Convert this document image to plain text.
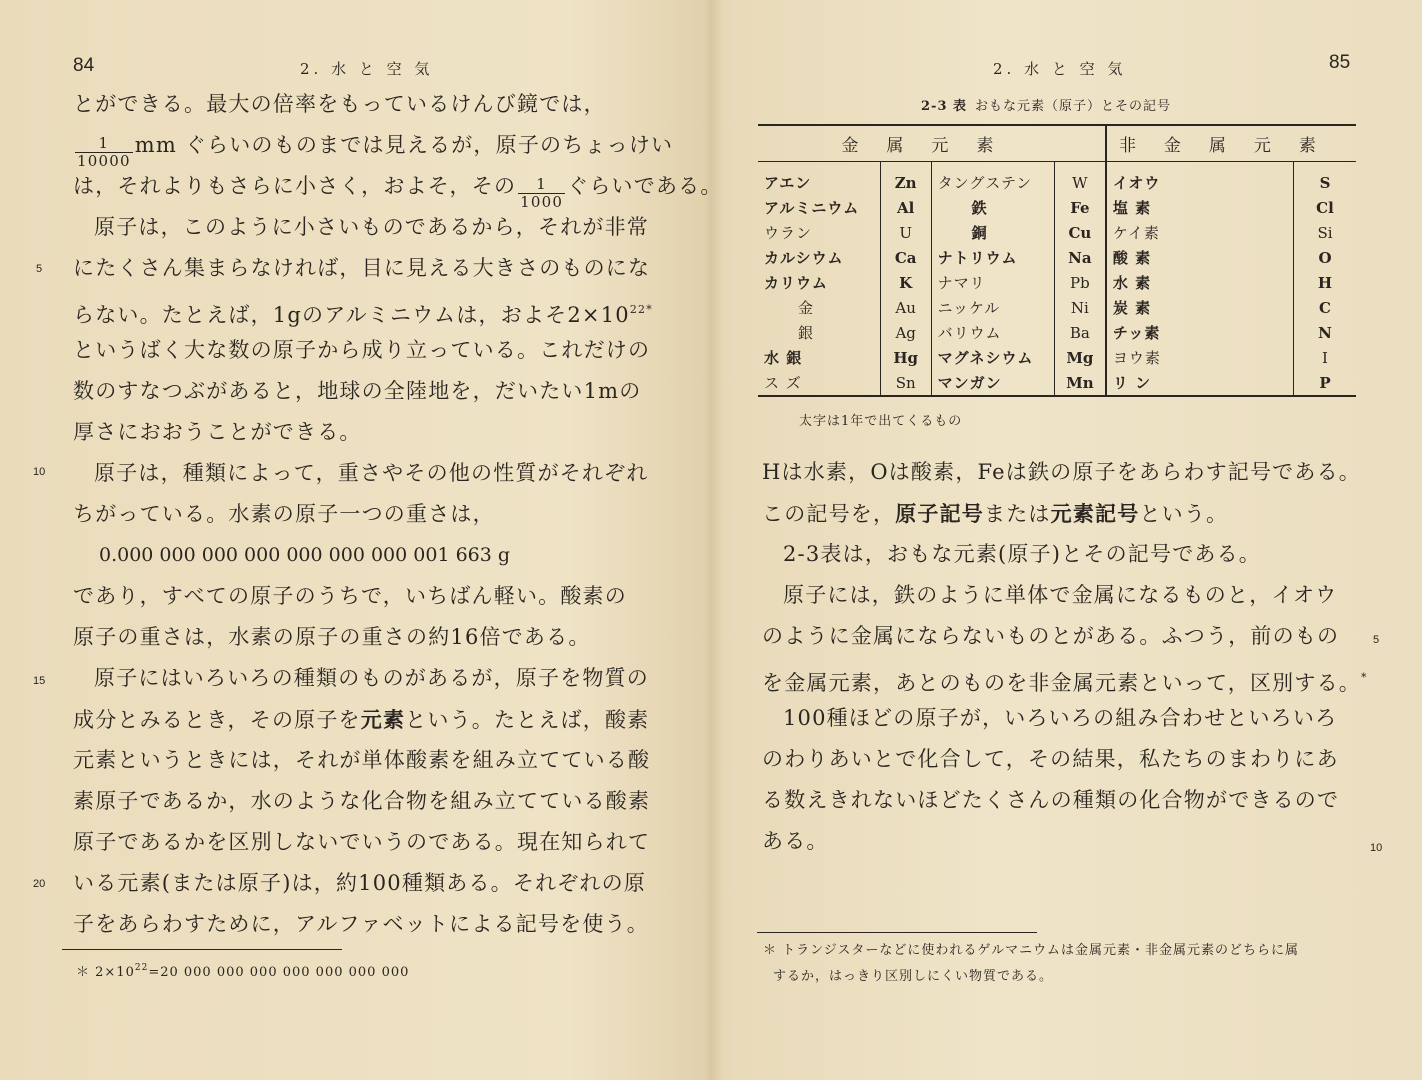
84	2. 水 と 空 気
とができる。最大の倍率をもっているけんび鏡では，
$\frac{1}{10000}$ mm ぐらいのものまでは見えるが，原子のちょっけい
は，それよりもさらに小さく，およそ，その $\frac{1}{1000}$ ぐらいである。
原子は，このように小さいものであるから，それが非常
にたくさん集まらなければ，目に見える大きさのものにな
らない。たとえば，1gのアルミニウムは，およそ$2\times 10^{22*}$
というばく大な数の原子から成り立っている。これだけの
数のすなつぶがあると，地球の全陸地を，だいたい1mの
厚さにおおうことができる。
原子は，種類によって，重さやその他の性質がそれぞれ
ちがっている。水素の原子一つの重さは，
0.000 000 000 000 000 000 000 001 663 g
であり，すべての原子のうちで，いちばん軽い。酸素の
原子の重さは，水素の原子の重さの約16倍である。
原子にはいろいろの種類のものがあるが，原子を物質の
成分とみるとき，その原子を元素という。たとえば，酸素
元素というときには，それが単体酸素を組み立てている酸
素原子であるか，水のような化合物を組み立てている酸素
原子であるかを区別しないでいうのである。現在知られて
いる元素(または原子)は，約100種類ある。それぞれの原
子をあらわすために，アルファベットによる記号を使う。
5
10
15
20
＊ $2\times 10^{22}=20$ 000 000 000 000 000 000 000
2. 水 と 空 気	85
2-3 表 おもな元素（原子）とその記号
金属元素				非金属元素	
アエン	Zn	タングステン	W	イオウ	S
アルミニウム	Al	鉄	Fe	塩 素	Cl
ウラン	U	銅	Cu	ケイ素	Si
カルシウム	Ca	ナトリウム	Na	酸 素	O
カリウム	K	ナマリ	Pb	水 素	H
金	Au	ニッケル	Ni	炭 素	C
銀	Ag	バリウム	Ba	チッ素	N
水 銀	Hg	マグネシウム	Mg	ヨウ素	I
ス ズ	Sn	マンガン	Mn	リ ン	P
太字は1年で出てくるもの
Hは水素，Oは酸素，Feは鉄の原子をあらわす記号である。
この記号を，原子記号または元素記号という。
2-3表は，おもな元素(原子)とその記号である。
原子には，鉄のように単体で金属になるものと，イオウ
のように金属にならないものとがある。ふつう，前のもの
を金属元素，あとのものを非金属元素といって，区別する。*
100種ほどの原子が，いろいろの組み合わせといろいろ
のわりあいとで化合して，その結果，私たちのまわりにあ
る数えきれないほどたくさんの種類の化合物ができるので
ある。
5
10
＊ トランジスターなどに使われるゲルマニウムは金属元素・非金属元素のどちらに属
するか，はっきり区別しにくい物質である。
